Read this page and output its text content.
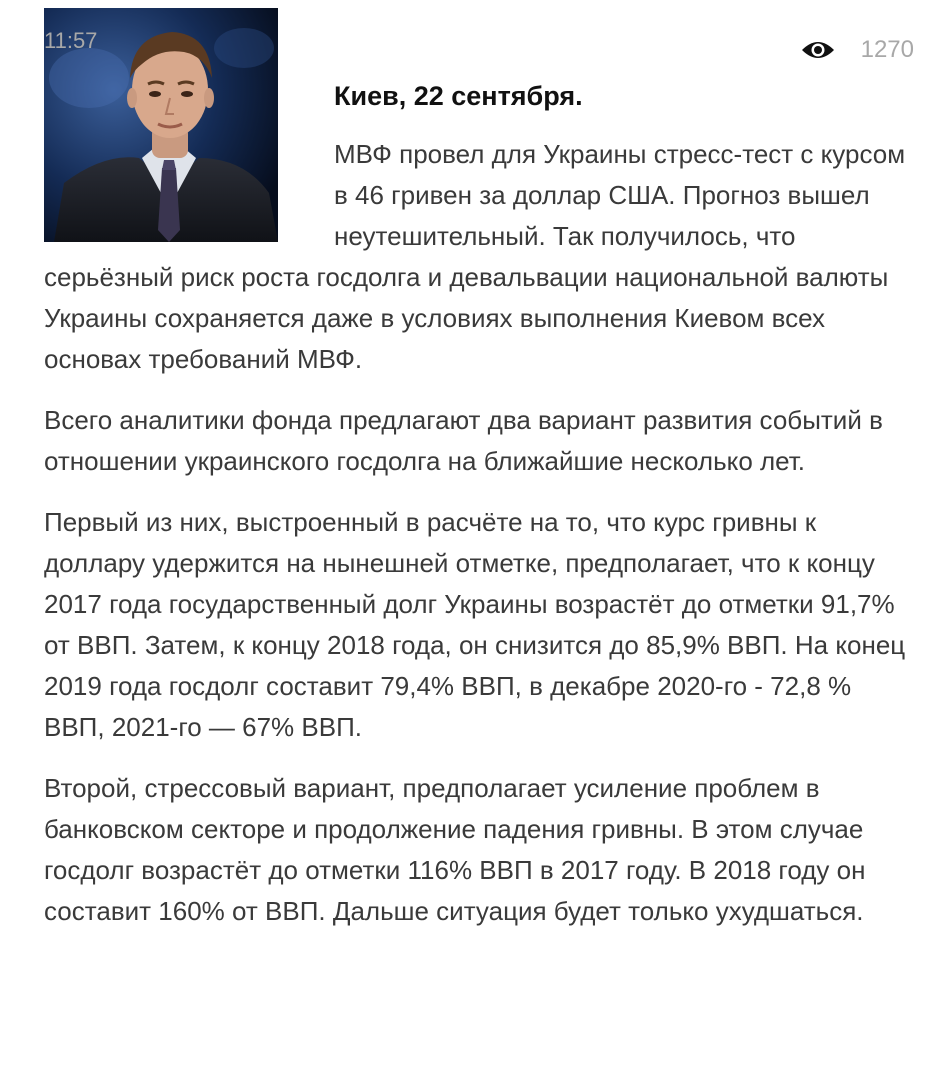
11:57	1270
Киев, 22 сентября.

МВФ провел для Украины стресс-тест с курсом в 46 гривен за доллар США. Прогноз вышел неутешительный. Так получилось, что серьёзный риск роста госдолга и девальвации национальной валюты Украины сохраняется даже в условиях выполнения Киевом всех основах требований МВФ.

Всего аналитики фонда предлагают два вариант развития событий в отношении украинского госдолга на ближайшие несколько лет.

Первый из них, выстроенный в расчёте на то, что курс гривны к доллару удержится на нынешней отметке, предполагает, что к концу 2017 года государственный долг Украины возрастёт до отметки 91,7% от ВВП. Затем, к концу 2018 года, он снизится до 85,9% ВВП. На конец 2019 года госдолг составит 79,4% ВВП, в декабре 2020-го - 72,8 % ВВП, 2021-го — 67% ВВП.

Второй, стрессовый вариант, предполагает усиление проблем в банковском секторе и продолжение падения гривны. В этом случае госдолг возрастёт до отметки 116% ВВП в 2017 году. В 2018 году он составит 160% от ВВП. Дальше ситуация будет только ухудшаться.
